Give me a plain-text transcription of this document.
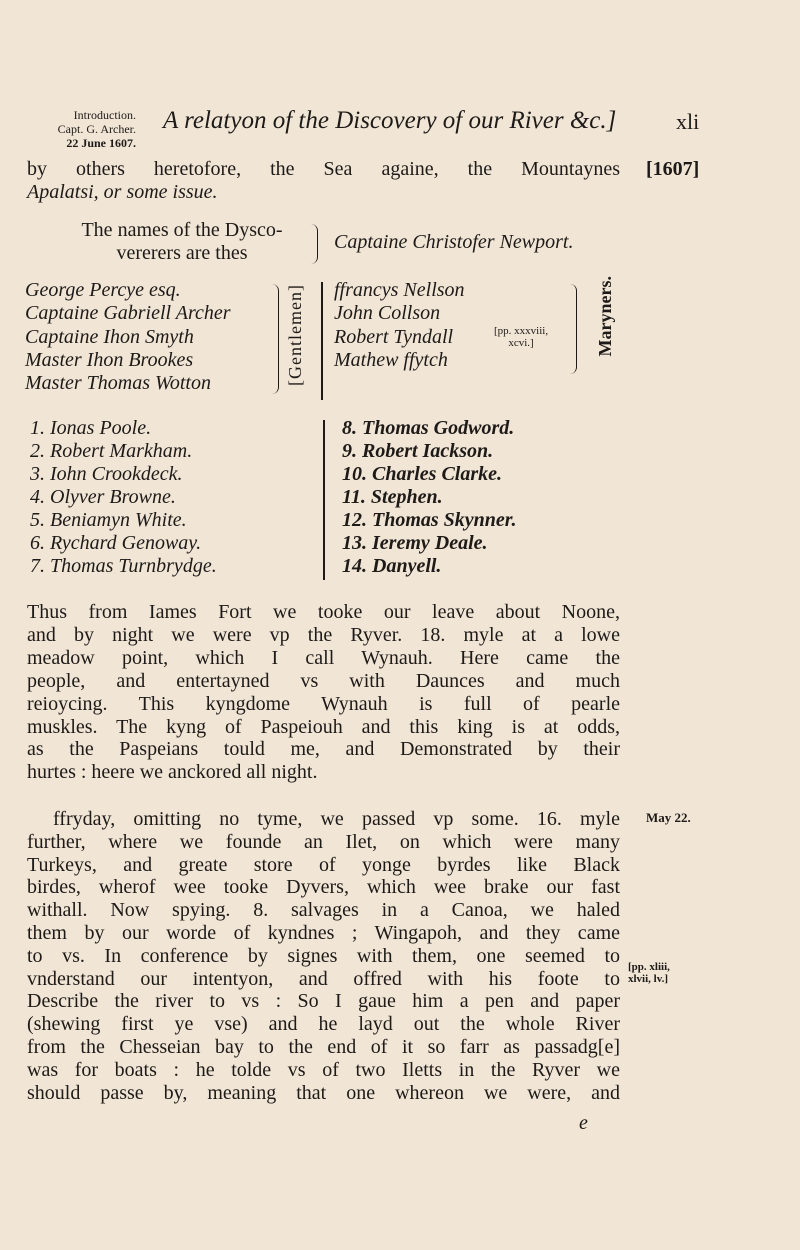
Introduction.
Capt. G. Archer.
22 June 1607.
A relatyon of the Discovery of our River &c.]	xli
by others heretofore, the Sea againe, the Mountaynes
Apalatsi, or some issue.
[1607]
The names of the Dysco-
vererers are thes	Captaine Christofer Newport.
George Percye esq.
Captaine Gabriell Archer
Captaine Ihon Smyth
Master Ihon Brookes
Master Thomas Wotton	[Gentlemen] ffrancys Nellson
John Collson
Robert Tyndall
Mathew ffytch
[pp. xxxviii,
xcvi.]	Maryners.
1. Ionas Poole.
2. Robert Markham.
3. Iohn Crookdeck.
4. Olyver Browne.
5. Beniamyn White.
6. Rychard Genoway.
7. Thomas Turnbrydge.
8. Thomas Godword.
9. Robert Iackson.
10. Charles Clarke.
11. Stephen.
12. Thomas Skynner.
13. Ieremy Deale.
14. Danyell.
Thus from Iames Fort we tooke our leave about Noone,
and by night we were vp the Ryver. 18. myle at a lowe
meadow point, which I call Wynauh. Here came the
people, and entertayned vs with Daunces and much
reioycing. This kyngdome Wynauh is full of pearle
muskles. The kyng of Paspeiouh and this king is at odds,
as the Paspeians tould me, and Demonstrated by their
hurtes : heere we anckored all night.
ffryday, omitting no tyme, we passed vp some. 16. myle
further, where we founde an Ilet, on which were many
Turkeys, and greate store of yonge byrdes like Black
birdes, wherof wee tooke Dyvers, which wee brake our fast
withall. Now spying. 8. salvages in a Canoa, we haled
them by our worde of kyndnes ; Wingapoh, and they came
to vs. In conference by signes with them, one seemed to
vnderstand our intentyon, and offred with his foote to
Describe the river to vs : So I gaue him a pen and paper
(shewing first ye vse) and he layd out the whole River
from the Chesseian bay to the end of it so farr as passadg[e]
was for boats : he tolde vs of two Iletts in the Ryver we
should passe by, meaning that one whereon we were, and
May 22.
[pp. xliii,
xlvii, lv.]
e
